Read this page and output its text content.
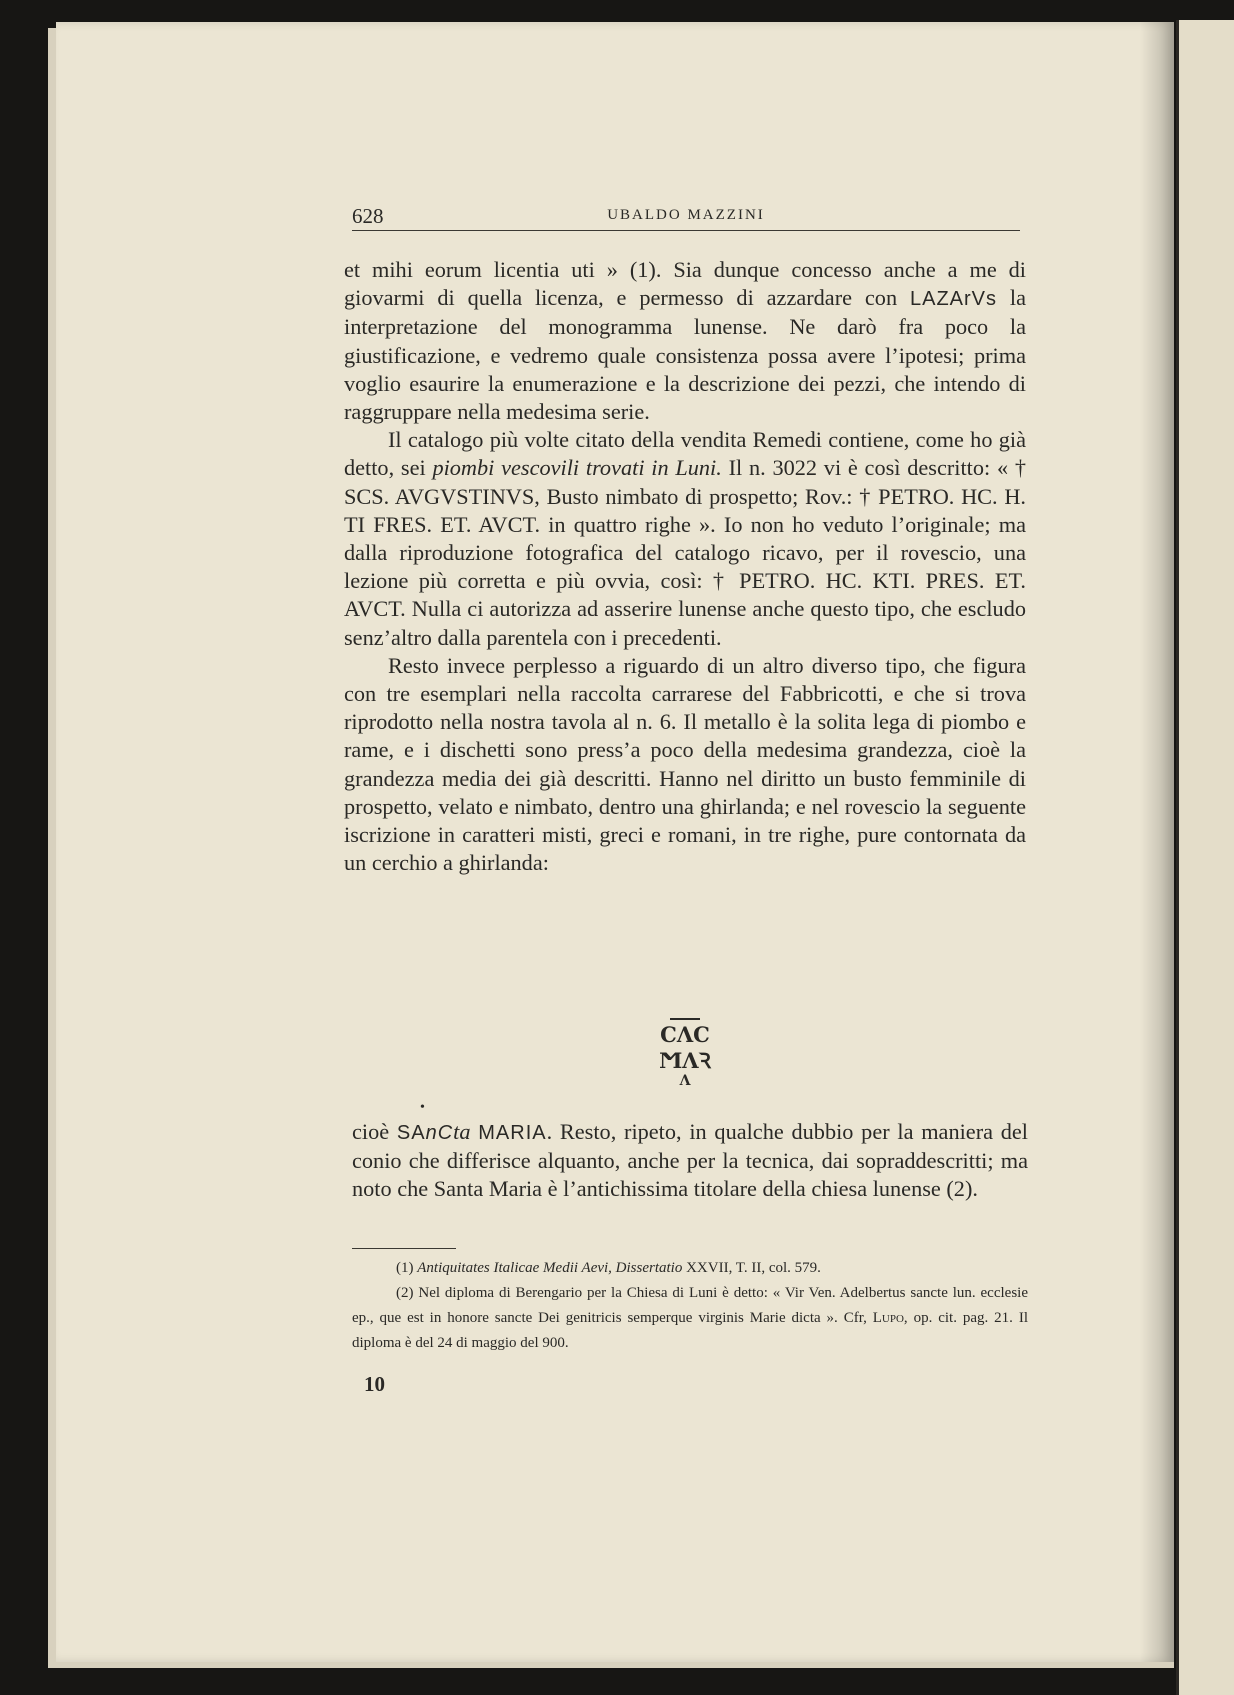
628	UBALDO MAZZINI

et mihi eorum licentia uti » (1). Sia dunque concesso anche a me di giovarmi di quella licenza, e permesso di azzardare con LAZArVs la interpretazione del monogramma lunense. Ne darò fra poco la giustificazione, e vedremo quale consistenza possa avere l’ipotesi; prima voglio esaurire la enumerazione e la descrizione dei pezzi, che intendo di raggruppare nella medesima serie.

Il catalogo più volte citato della vendita Remedi contiene, come ho già detto, sei piombi vescovili trovati in Luni. Il n. 3022 vi è così descritto: « † SCS. AVGVSTINVS, Busto nimbato di prospetto; Rov.: † PETRO. HC. H. TI FRES. ET. AVCT. in quattro righe ». Io non ho veduto l’originale; ma dalla riproduzione fotografica del catalogo ricavo, per il rovescio, una lezione più corretta e più ovvia, così: † PETRO. HC. KTI. PRES. ET. AVCT. Nulla ci autorizza ad asserire lunense anche questo tipo, che escludo senz’altro dalla parentela con i precedenti.

Resto invece perplesso a riguardo di un altro diverso tipo, che figura con tre esemplari nella raccolta carrarese del Fabbricotti, e che si trova riprodotto nella nostra tavola al n. 6. Il metallo è la solita lega di piombo e rame, e i dischetti sono press’a poco della medesima grandezza, cioè la grandezza media dei già descritti. Hanno nel diritto un busto femminile di prospetto, velato e nimbato, dentro una ghirlanda; e nel rovescio la seguente iscrizione in caratteri misti, greci e romani, in tre righe, pure contornata da un cerchio a ghirlanda:

ϹΛϹ
ϺΛꝚ
Λ
•

cioè SAnCta MARIA. Resto, ripeto, in qualche dubbio per la maniera del conio che differisce alquanto, anche per la tecnica, dai sopraddescritti; ma noto che Santa Maria è l’antichissima titolare della chiesa lunense (2).

(1) Antiquitates Italicae Medii Aevi, Dissertatio XXVII, T. II, col. 579.

(2) Nel diploma di Berengario per la Chiesa di Luni è detto: « Vir Ven. Adelbertus sancte lun. ecclesie ep., que est in honore sancte Dei genitricis semperque virginis Marie dicta ». Cfr, Lupo, op. cit. pag. 21. Il diploma è del 24 di maggio del 900.

10
